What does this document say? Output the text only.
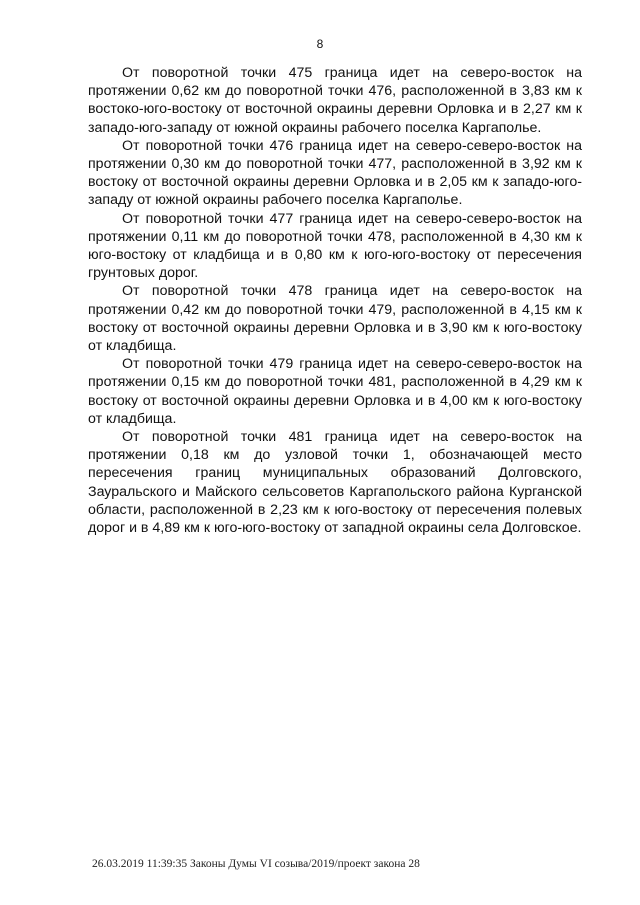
8

От поворотной точки 475 граница идет на северо-восток на протяжении 0,62 км до поворотной точки 476, расположенной в 3,83 км к востоко-юго-востоку от восточной окраины деревни Орловка и в 2,27 км к западо-юго-западу от южной окраины рабочего поселка Каргаполье.

От поворотной точки 476 граница идет на северо-северо-восток на протяжении 0,30 км до поворотной точки 477, расположенной в 3,92 км к востоку от восточной окраины деревни Орловка и в 2,05 км к западо-юго-западу от южной окраины рабочего поселка Каргаполье.

От поворотной точки 477 граница идет на северо-северо-восток на протяжении 0,11 км до поворотной точки 478, расположенной в 4,30 км к юго-востоку от кладбища и в 0,80 км к юго-юго-востоку от пересечения грунтовых дорог.

От поворотной точки 478 граница идет на северо-восток на протяжении 0,42 км до поворотной точки 479, расположенной в 4,15 км к востоку от восточной окраины деревни Орловка и в 3,90 км к юго-востоку от кладбища.

От поворотной точки 479 граница идет на северо-северо-восток на протяжении 0,15 км до поворотной точки 481, расположенной в 4,29 км к востоку от восточной окраины деревни Орловка и в 4,00 км к юго-востоку от кладбища.

От поворотной точки 481 граница идет на северо-восток на протяжении 0,18 км до узловой точки 1, обозначающей место пересечения границ муниципальных образований Долговского, Зауральского и Майского сельсоветов Каргапольского района Курганской области, расположенной в 2,23 км к юго-востоку от пересечения полевых дорог и в 4,89 км к юго-юго-востоку от западной окраины села Долговское.

26.03.2019 11:39:35 Законы Думы VI созыва/2019/проект закона 28
